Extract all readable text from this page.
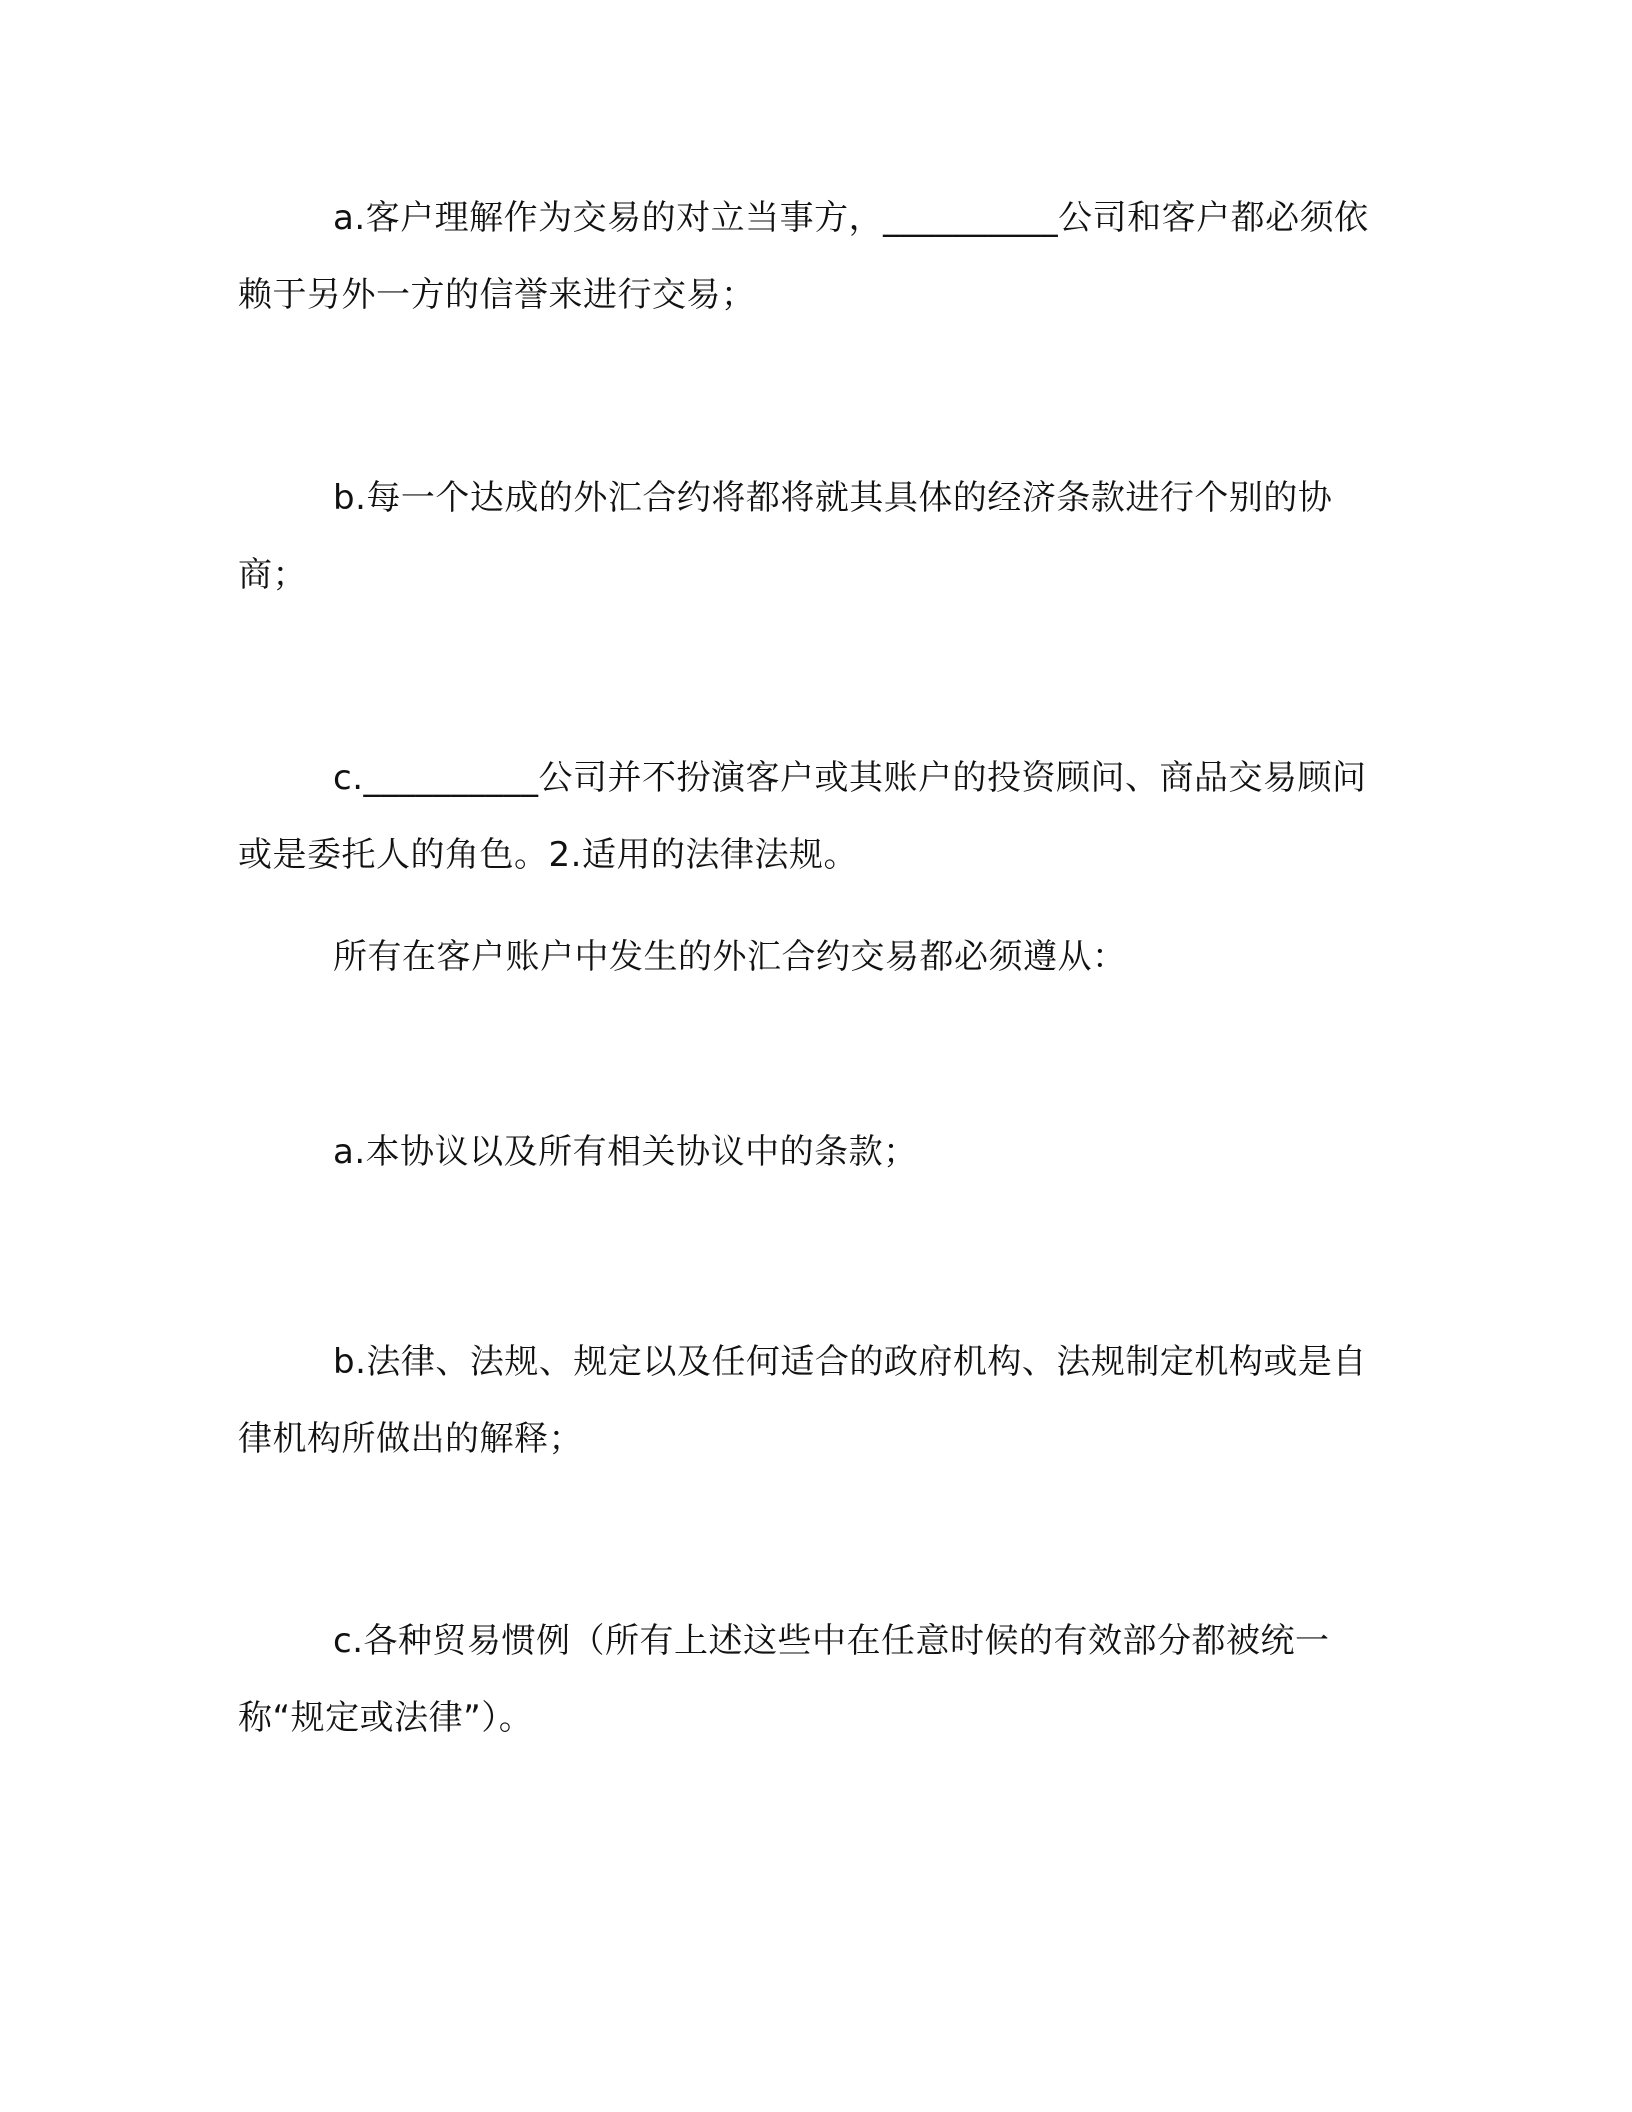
a.客户理解作为交易的对立当事方，__________公司和客户都必须依赖于另外一方的信誉来进行交易；

b.每一个达成的外汇合约将都将就其具体的经济条款进行个别的协商；

c.__________公司并不扮演客户或其账户的投资顾问、商品交易顾问或是委托人的角色。2.适用的法律法规。

所有在客户账户中发生的外汇合约交易都必须遵从：

a.本协议以及所有相关协议中的条款；

b.法律、法规、规定以及任何适合的政府机构、法规制定机构或是自律机构所做出的解释；

c.各种贸易惯例（所有上述这些中在任意时候的有效部分都被统一称“规定或法律”）。
